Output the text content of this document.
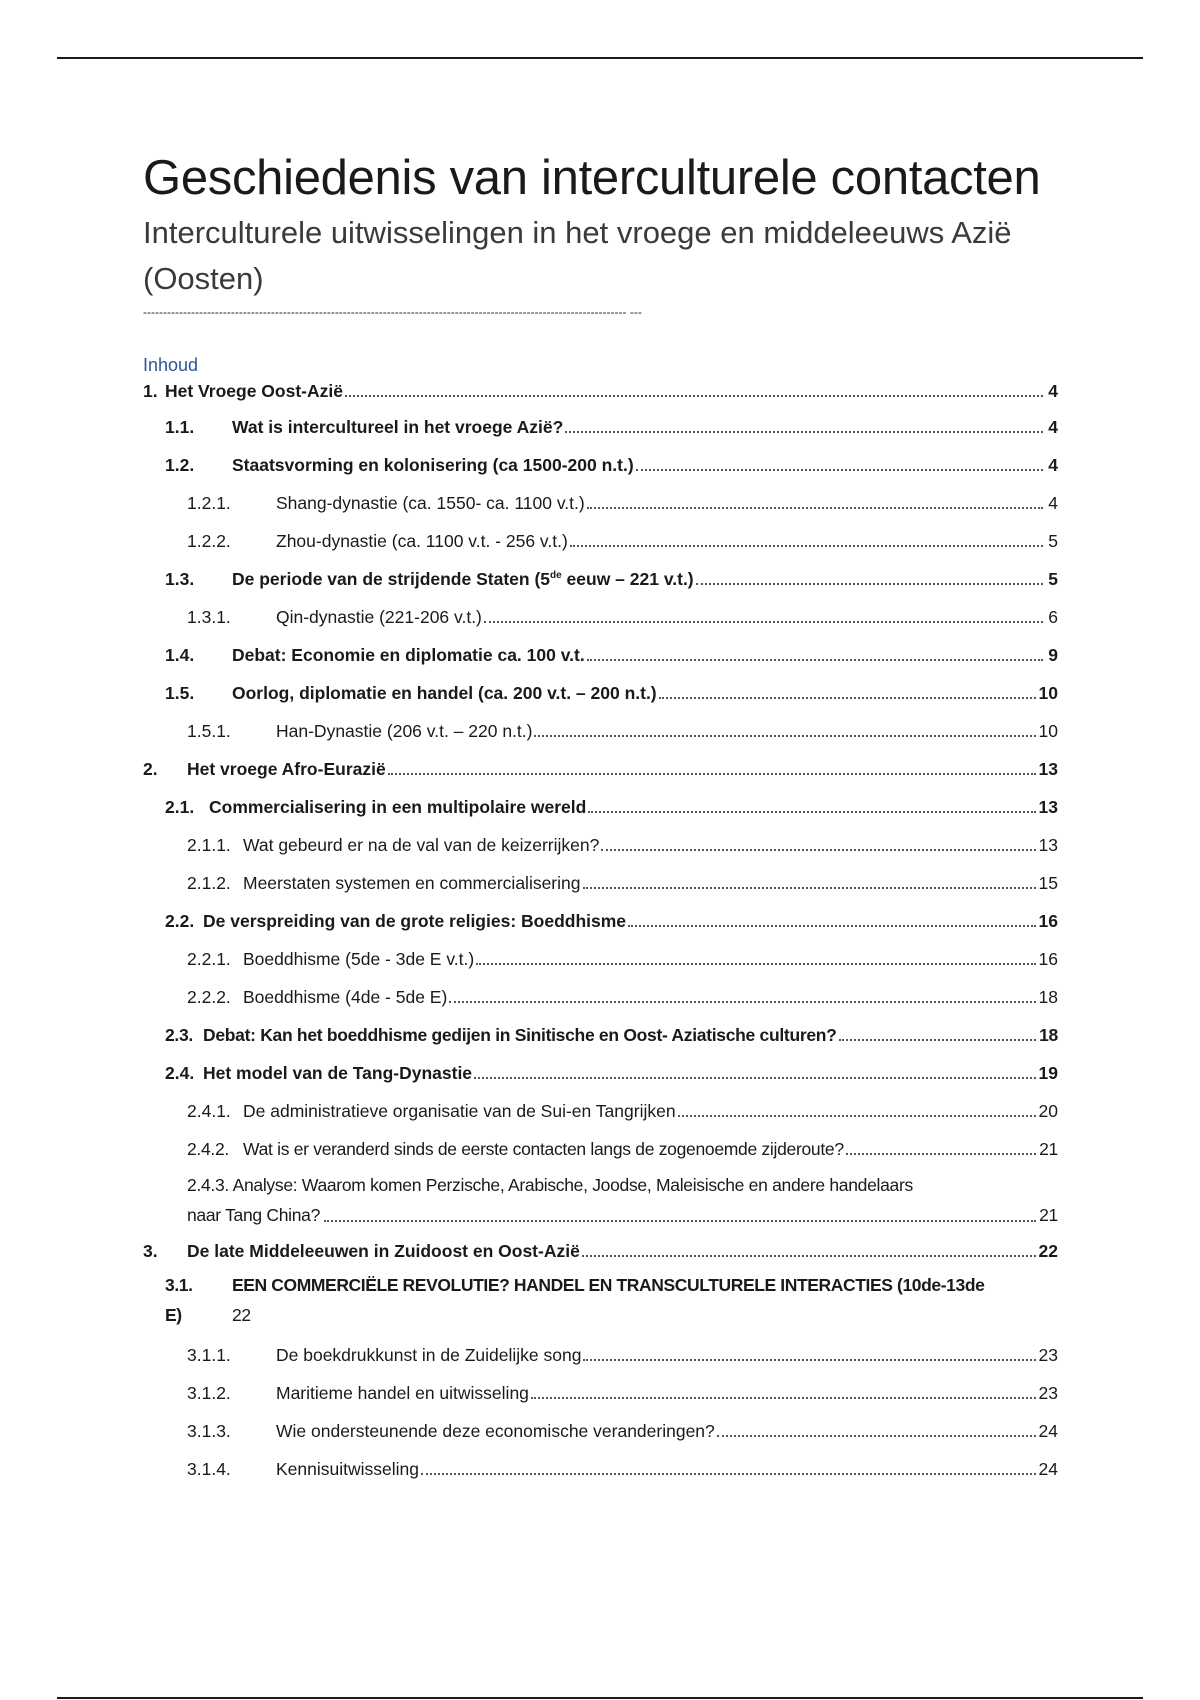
Geschiedenis van interculturele contacten
Interculturele uitwisselingen in het vroege en middeleeuws Azië (Oosten)
------------------------------------------------------------------------------------------------------------------------- ---
Inhoud
1. Het Vroege Oost-Azië	4
1.1.	Wat is intercultureel in het vroege Azië?	4
1.2.	Staatsvorming en kolonisering (ca 1500-200 n.t.)	4
1.2.1.	Shang-dynastie (ca. 1550- ca. 1100 v.t.)	4
1.2.2.	Zhou-dynastie (ca. 1100 v.t. - 256 v.t.)	5
1.3.	De periode van de strijdende Staten (5de eeuw – 221 v.t.)	5
1.3.1.	Qin-dynastie (221-206 v.t.)	6
1.4.	Debat: Economie en diplomatie ca. 100 v.t.	9
1.5.	Oorlog, diplomatie en handel (ca. 200 v.t. – 200 n.t.)	10
1.5.1.	Han-Dynastie (206 v.t. – 220 n.t.)	10
2.	Het vroege Afro-Eurazië	13
2.1. Commercialisering in een multipolaire wereld	13
2.1.1. Wat gebeurd er na de val van de keizerrijken?	13
2.1.2. Meerstaten systemen en commercialisering	15
2.2. De verspreiding van de grote religies: Boeddhisme	16
2.2.1. Boeddhisme (5de - 3de E v.t.)	16
2.2.2. Boeddhisme (4de - 5de E)	18
2.3. Debat: Kan het boeddhisme gedijen in Sinitische en Oost- Aziatische culturen?	18
2.4. Het model van de Tang-Dynastie	19
2.4.1. De administratieve organisatie van de Sui-en Tangrijken	20
2.4.2. Wat is er veranderd sinds de eerste contacten langs de zogenoemde zijderoute?	21
2.4.3. Analyse: Waarom komen Perzische, Arabische, Joodse, Maleisische en andere handelaars
naar Tang China?	21
3.	De late Middeleeuwen in Zuidoost en Oost-Azië	22
3.1. EEN COMMERCIËLE REVOLUTIE? HANDEL EN TRANSCULTURELE INTERACTIES (10de-13de
E)	22
3.1.1.	De boekdrukkunst in de Zuidelijke song	23
3.1.2.	Maritieme handel en uitwisseling	23
3.1.3.	Wie ondersteunende deze economische veranderingen?	24
3.1.4.	Kennisuitwisseling	24
